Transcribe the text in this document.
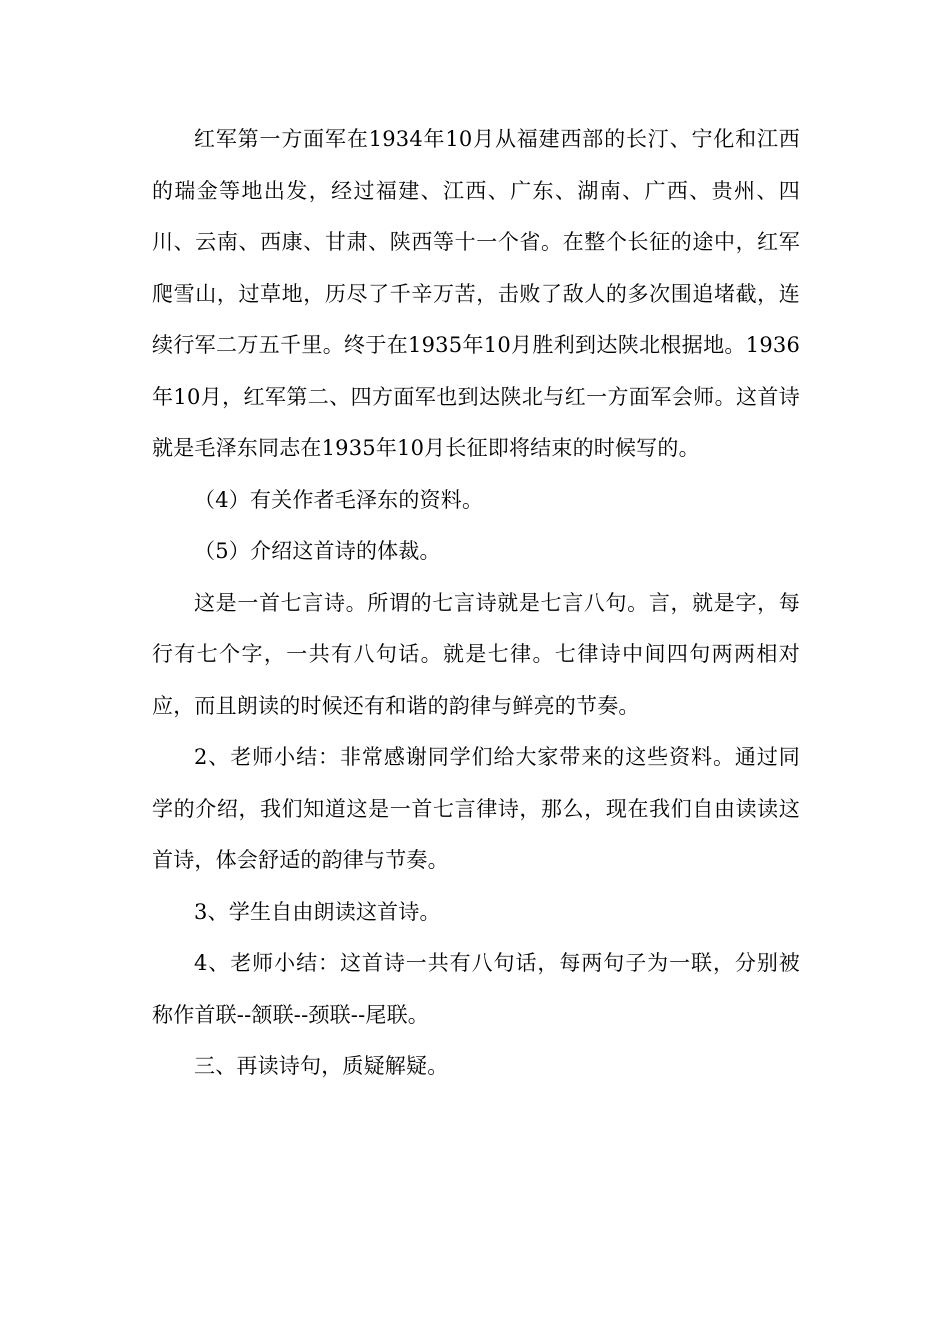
红军第一方面军在1934年10月从福建西部的长汀、宁化和江西的瑞金等地出发，经过福建、江西、广东、湖南、广西、贵州、四川、云南、西康、甘肃、陕西等十一个省。在整个长征的途中，红军爬雪山，过草地，历尽了千辛万苦，击败了敌人的多次围追堵截，连续行军二万五千里。终于在1935年10月胜利到达陕北根据地。1936年10月，红军第二、四方面军也到达陕北与红一方面军会师。这首诗就是毛泽东同志在1935年10月长征即将结束的时候写的。

（4）有关作者毛泽东的资料。

（5）介绍这首诗的体裁。

这是一首七言诗。所谓的七言诗就是七言八句。言，就是字，每行有七个字，一共有八句话。就是七律。七律诗中间四句两两相对应，而且朗读的时候还有和谐的韵律与鲜亮的节奏。

2、老师小结：非常感谢同学们给大家带来的这些资料。通过同学的介绍，我们知道这是一首七言律诗，那么，现在我们自由读读这首诗，体会舒适的韵律与节奏。

3、学生自由朗读这首诗。

4、老师小结：这首诗一共有八句话，每两句子为一联，分别被称作首联--颔联--颈联--尾联。

三、再读诗句，质疑解疑。
